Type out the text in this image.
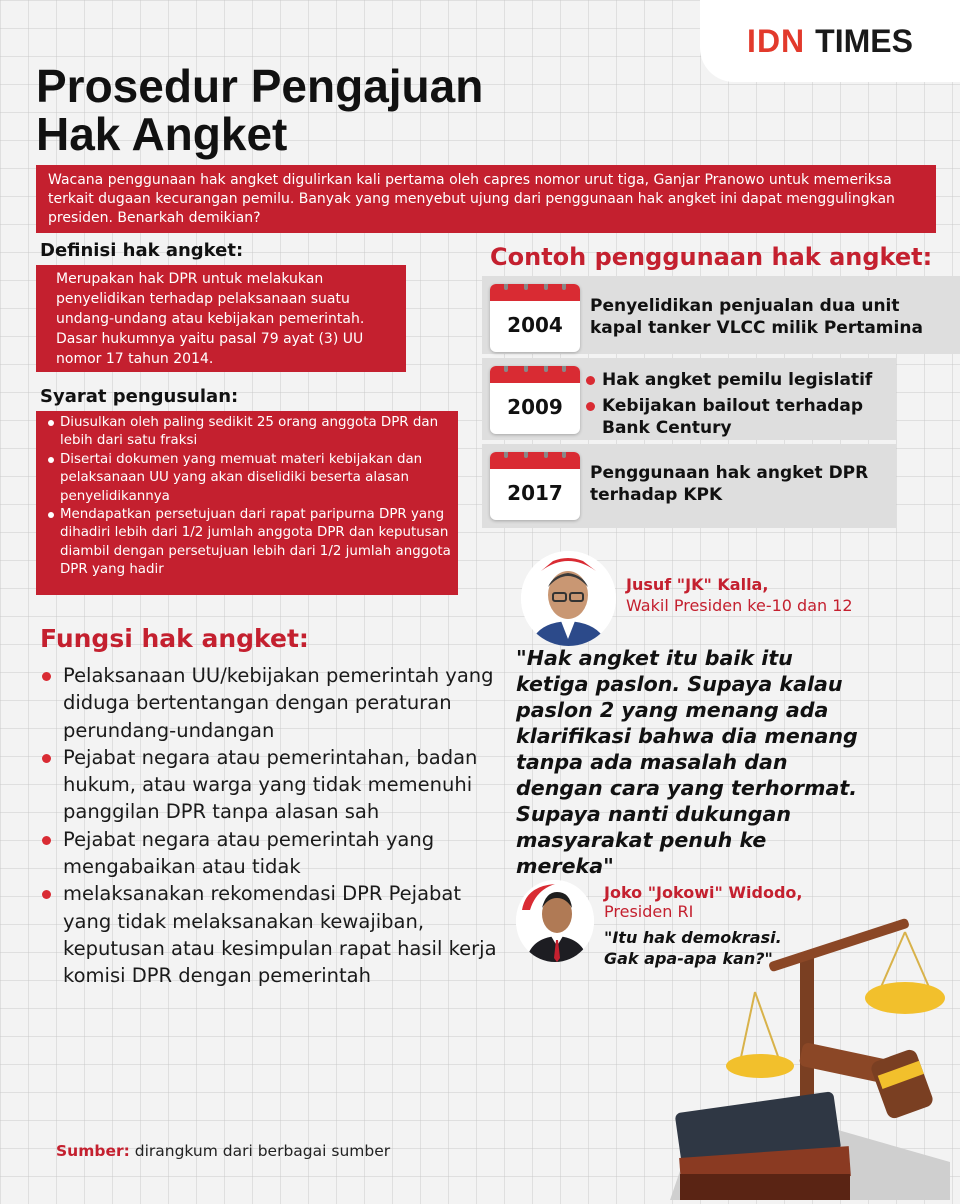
IDN TIMES
Prosedur Pengajuan
Hak Angket
Wacana penggunaan hak angket digulirkan kali pertama oleh capres nomor urut tiga, Ganjar Pranowo untuk memeriksa terkait dugaan kecurangan pemilu. Banyak yang menyebut ujung dari penggunaan hak angket ini dapat menggulingkan presiden. Benarkah demikian?
Definisi hak angket:
Merupakan hak DPR untuk melakukan penyelidikan terhadap pelaksanaan suatu undang-undang atau kebijakan pemerintah. Dasar hukumnya yaitu pasal 79 ayat (3) UU nomor 17 tahun 2014.
Syarat pengusulan:
Diusulkan oleh paling sedikit 25 orang anggota DPR dan lebih dari satu fraksi
Disertai dokumen yang memuat materi kebijakan dan pelaksanaan UU yang akan diselidiki beserta alasan penyelidikannya
Mendapatkan persetujuan dari rapat paripurna DPR yang dihadiri lebih dari 1/2 jumlah anggota DPR dan keputusan diambil dengan persetujuan lebih dari 1/2 jumlah anggota DPR yang hadir
Contoh penggunaan hak angket:
2004
Penyelidikan penjualan dua unit kapal tanker VLCC milik Pertamina
2009
Hak angket pemilu legislatif
Kebijakan bailout terhadap Bank Century
2017
Penggunaan hak angket DPR terhadap KPK
Fungsi hak angket:
Pelaksanaan UU/kebijakan pemerintah yang diduga bertentangan dengan peraturan perundang-undangan
Pejabat negara atau pemerintahan, badan hukum, atau warga yang tidak memenuhi panggilan DPR tanpa alasan sah
Pejabat negara atau pemerintah yang mengabaikan atau tidak
melaksanakan rekomendasi DPR Pejabat yang tidak melaksanakan kewajiban, keputusan atau kesimpulan rapat hasil kerja komisi DPR dengan pemerintah
Jusuf "JK" Kalla,
Wakil Presiden ke-10 dan 12
"Hak angket itu baik itu ketiga paslon. Supaya kalau paslon 2 yang menang ada klarifikasi bahwa dia menang tanpa ada masalah dan dengan cara yang terhormat. Supaya nanti dukungan masyarakat penuh ke mereka"
Joko "Jokowi" Widodo,
Presiden RI
"Itu hak demokrasi. Gak apa-apa kan?"
Sumber: dirangkum dari berbagai sumber
